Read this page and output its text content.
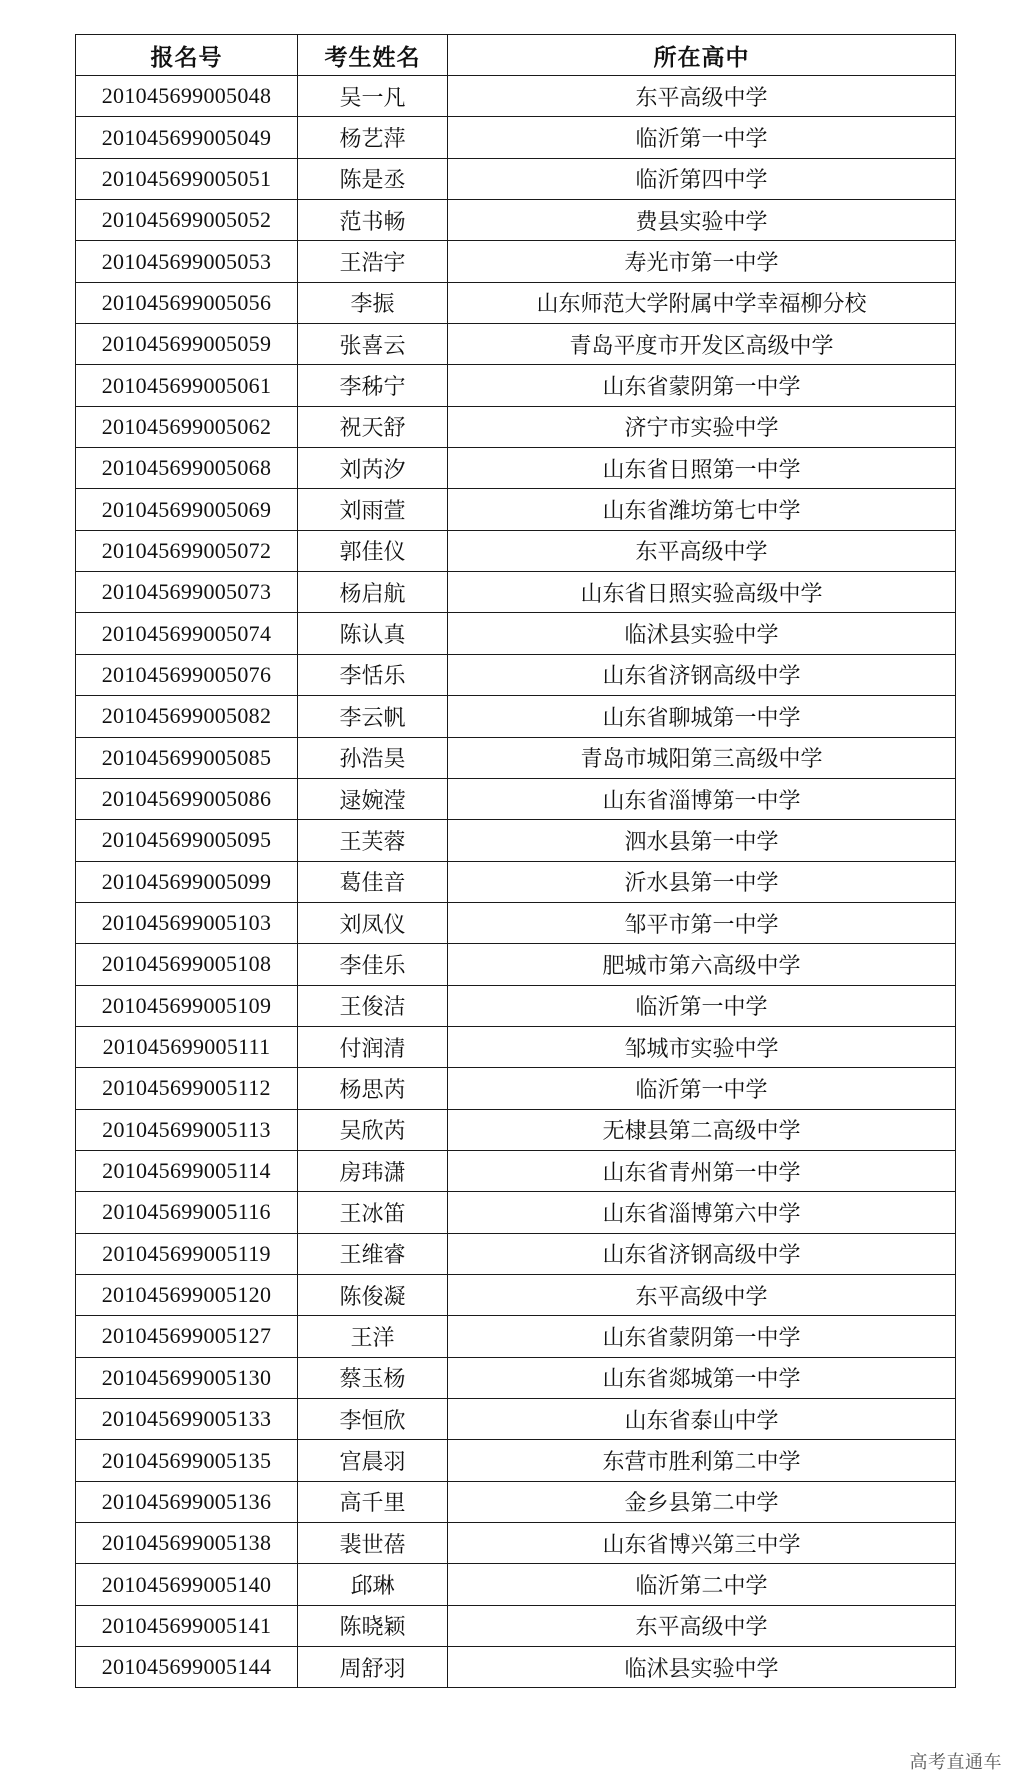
报名号	考生姓名	所在高中
201045699005048	吴一凡	东平高级中学
201045699005049	杨艺萍	临沂第一中学
201045699005051	陈是丞	临沂第四中学
201045699005052	范书畅	费县实验中学
201045699005053	王浩宇	寿光市第一中学
201045699005056	李振	山东师范大学附属中学幸福柳分校
201045699005059	张喜云	青岛平度市开发区高级中学
201045699005061	李秭宁	山东省蒙阴第一中学
201045699005062	祝天舒	济宁市实验中学
201045699005068	刘芮汐	山东省日照第一中学
201045699005069	刘雨萱	山东省潍坊第七中学
201045699005072	郭佳仪	东平高级中学
201045699005073	杨启航	山东省日照实验高级中学
201045699005074	陈认真	临沭县实验中学
201045699005076	李恬乐	山东省济钢高级中学
201045699005082	李云帆	山东省聊城第一中学
201045699005085	孙浩昊	青岛市城阳第三高级中学
201045699005086	逯婉滢	山东省淄博第一中学
201045699005095	王芙蓉	泗水县第一中学
201045699005099	葛佳音	沂水县第一中学
201045699005103	刘凤仪	邹平市第一中学
201045699005108	李佳乐	肥城市第六高级中学
201045699005109	王俊洁	临沂第一中学
201045699005111	付润清	邹城市实验中学
201045699005112	杨思芮	临沂第一中学
201045699005113	吴欣芮	无棣县第二高级中学
201045699005114	房玮潇	山东省青州第一中学
201045699005116	王冰笛	山东省淄博第六中学
201045699005119	王维睿	山东省济钢高级中学
201045699005120	陈俊凝	东平高级中学
201045699005127	王洋	山东省蒙阴第一中学
201045699005130	蔡玉杨	山东省郯城第一中学
201045699005133	李恒欣	山东省泰山中学
201045699005135	宫晨羽	东营市胜利第二中学
201045699005136	高千里	金乡县第二中学
201045699005138	裴世蓓	山东省博兴第三中学
201045699005140	邱琳	临沂第二中学
201045699005141	陈晓颖	东平高级中学
201045699005144	周舒羽	临沭县实验中学
高考直通车
